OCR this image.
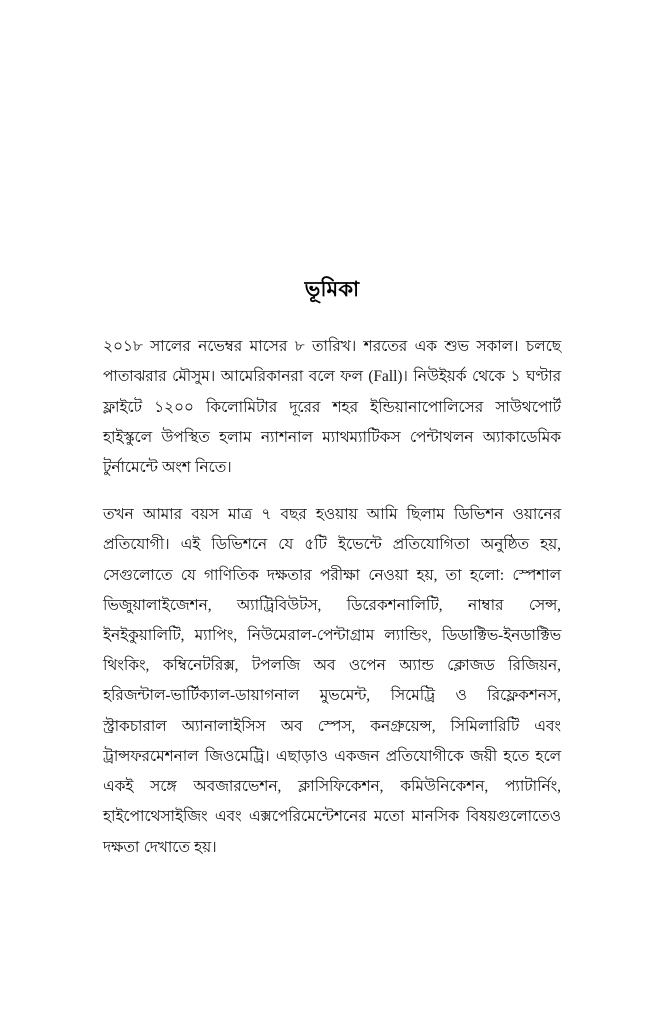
ভূমিকা

২০১৮ সালের নভেম্বর মাসের ৮ তারিখ। শরতের এক শুভ সকাল। চলছে পাতাঝরার মৌসুম। আমেরিকানরা বলে ফল (Fall)। নিউইয়র্ক থেকে ১ ঘণ্টার ফ্লাইটে ১২০০ কিলোমিটার দূরের শহর ইন্ডিয়ানাপোলিসের সাউথপোর্ট হাইস্কুলে উপস্থিত হলাম ন্যাশনাল ম্যাথম্যাটিকস পেন্টাথলন অ্যাকাডেমিক টুর্নামেন্টে অংশ নিতে।

তখন আমার বয়স মাত্র ৭ বছর হওয়ায় আমি ছিলাম ডিভিশন ওয়ানের প্রতিযোগী। এই ডিভিশনে যে ৫টি ইভেন্টে প্রতিযোগিতা অনুষ্ঠিত হয়, সেগুলোতে যে গাণিতিক দক্ষতার পরীক্ষা নেওয়া হয়, তা হলো: স্পেশাল ভিজুয়ালাইজেশন, অ্যাট্রিবিউটস, ডিরেকশনালিটি, নাম্বার সেন্স, ইনইকুয়ালিটি, ম্যাপিং, নিউমেরাল-পেন্টাগ্রাম ল্যান্ডিং, ডিডাক্টিভ-ইনডাক্টিভ থিংকিং, কম্বিনেটরিক্স, টপলজি অব ওপেন অ্যান্ড ক্লোজড রিজিয়ন, হরিজন্টাল-ভার্টিক্যাল-ডায়াগনাল মুভমেন্ট, সিমেট্রি ও রিফ্লেকশনস, স্ট্রাকচারাল অ্যানালাইসিস অব স্পেস, কনগ্রুয়েন্স, সিমিলারিটি এবং ট্রান্সফরমেশনাল জিওমেট্রি। এছাড়াও একজন প্রতিযোগীকে জয়ী হতে হলে একই সঙ্গে অবজারভেশন, ক্লাসিফিকেশন, কমিউনিকেশন, প্যাটার্নিং, হাইপোথেসাইজিং এবং এক্সপেরিমেন্টেশনের মতো মানসিক বিষয়গুলোতেও দক্ষতা দেখাতে হয়।
